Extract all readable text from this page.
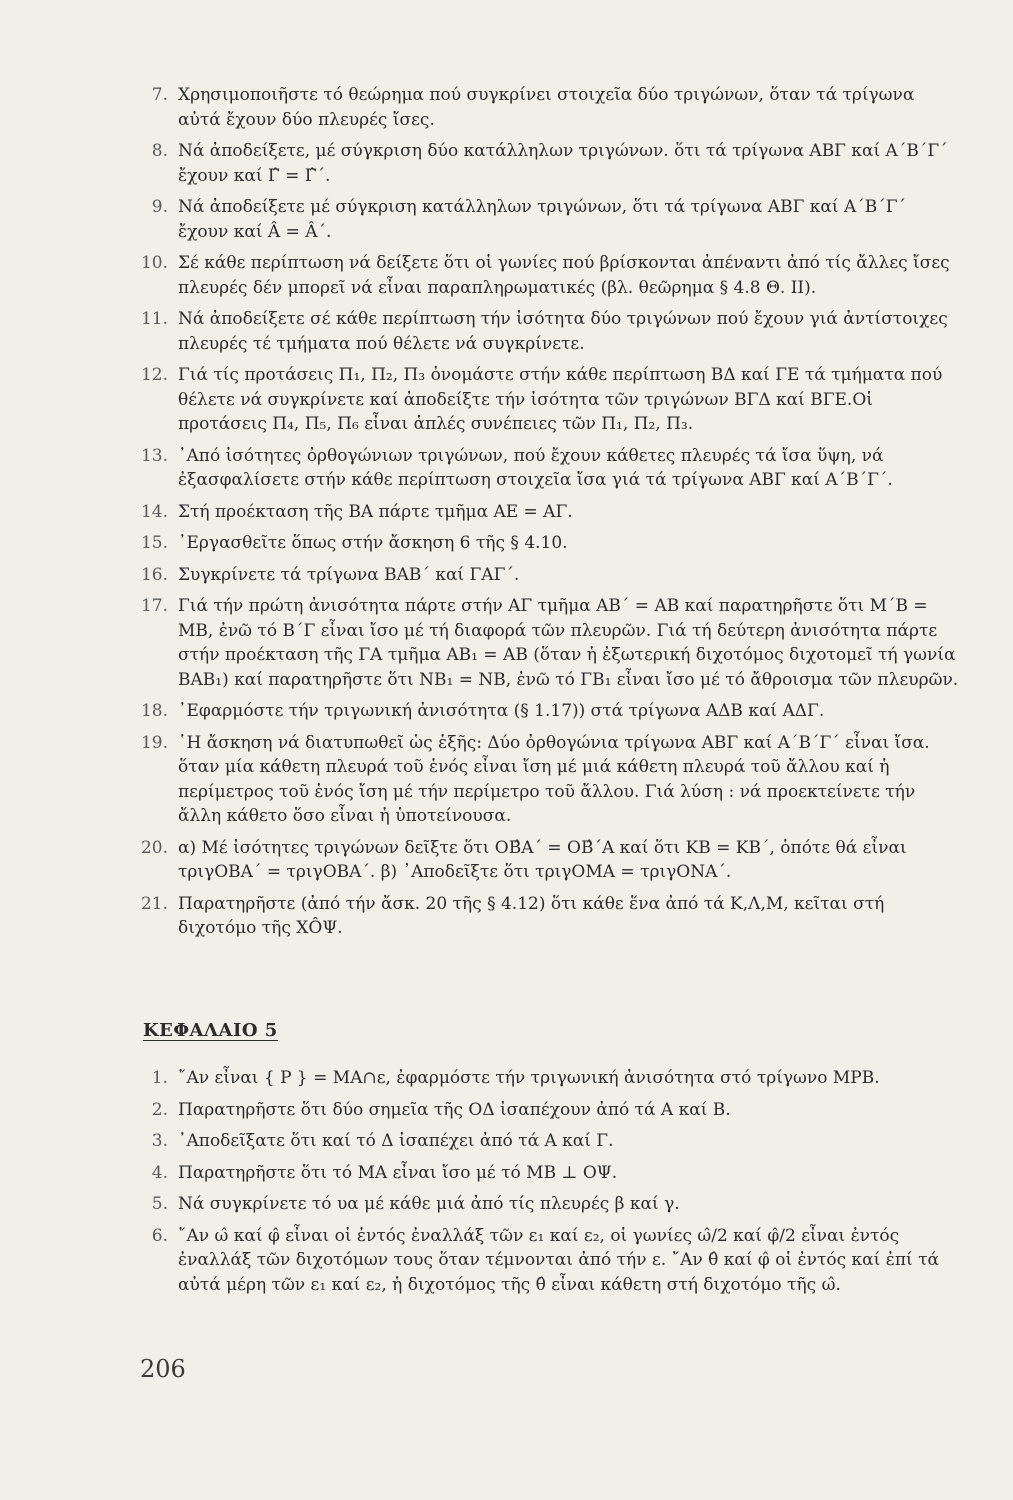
7. Χρησιμοποιῆστε τό θεώρημα πού συγκρίνει στοιχεῖα δύο τριγώνων, ὅταν τά τρίγωνα αὐτά ἔχουν δύο πλευρές ἴσες.
8. Νά ἀποδείξετε, μέ σύγκριση δύο κατάλληλων τριγώνων. ὅτι τά τρίγωνα ΑΒΓ καί Α΄Β΄Γ΄ ἔχουν καί Γ̂ = Γ̂΄.
9. Νά ἀποδείξετε μέ σύγκριση κατάλληλων τριγώνων, ὅτι τά τρίγωνα ΑΒΓ καί Α΄Β΄Γ΄ ἔχουν καί Â = Â΄.
10. Σέ κάθε περίπτωση νά δείξετε ὅτι οἱ γωνίες πού βρίσκονται ἀπέναντι ἀπό τίς ἄλλες ἴσες πλευρές δέν μπορεῖ νά εἶναι παραπληρωματικές (βλ. θεῶρημα § 4.8 Θ. ΙΙ).
11. Νά ἀποδείξετε σέ κάθε περίπτωση τήν ἰσότητα δύο τριγώνων πού ἔχουν γιά ἀντίστοιχες πλευρές τέ τμήματα πού θέλετε νά συγκρίνετε.
12. Γιά τίς προτάσεις Π₁, Π₂, Π₃ ὀνομάστε στήν κάθε περίπτωση ΒΔ καί ΓΕ τά τμήματα πού θέλετε νά συγκρίνετε καί ἀποδείξτε τήν ἰσότητα τῶν τριγώνων ΒΓΔ καί ΒΓΕ.Οἱ προτάσεις Π₄, Π₅, Π₆ εἶναι ἁπλές συνέπειες τῶν Π₁, Π₂, Π₃.
13. ᾿Από ἰσότητες ὀρθογώνιων τριγώνων, πού ἔχουν κάθετες πλευρές τά ἴσα ὕψη, νά ἐξασφαλίσετε στήν κάθε περίπτωση στοιχεῖα ἴσα γιά τά τρίγωνα ΑΒΓ καί Α΄Β΄Γ΄.
14. Στή προέκταση τῆς ΒΑ πάρτε τμῆμα ΑΕ = ΑΓ.
15. ᾿Εργασθεῖτε ὅπως στήν ἄσκηση 6 τῆς § 4.10.
16. Συγκρίνετε τά τρίγωνα ΒΑΒ΄ καί ΓΑΓ΄.
17. Γιά τήν πρώτη ἀνισότητα πάρτε στήν ΑΓ τμῆμα ΑΒ΄ = ΑΒ καί παρατηρῆστε ὅτι Μ΄Β = ΜΒ, ἐνῶ τό Β΄Γ εἶναι ἴσο μέ τή διαφορά τῶν πλευρῶν. Γιά τή δεύτερη ἀνισότητα πάρτε στήν προέκταση τῆς ΓΑ τμῆμα ΑΒ₁ = ΑΒ (ὅταν ἡ ἐξωτερική διχοτόμος διχοτομεῖ τή γωνία ΒΑΒ₁) καί παρατηρῆστε ὅτι ΝΒ₁ = ΝΒ, ἐνῶ τό ΓΒ₁ εἶναι ἴσο μέ τό ἄθροισμα τῶν πλευρῶν.
18. ᾿Εφαρμόστε τήν τριγωνική ἀνισότητα (§ 1.17)) στά τρίγωνα ΑΔΒ καί ΑΔΓ.
19. ῾Η ἄσκηση νά διατυπωθεῖ ὡς ἑξῆς: Δύο ὀρθογώνια τρίγωνα ΑΒΓ καί Α΄Β΄Γ΄ εἶναι ἴσα. ὅταν μία κάθετη πλευρά τοῦ ἑνός εἶναι ἴση μέ μιά κάθετη πλευρά τοῦ ἄλλου καί ἡ περίμετρος τοῦ ἑνός ἴση μέ τήν περίμετρο τοῦ ἄλλου. Γιά λύση : νά προεκτείνετε τήν ἄλλη κάθετο ὅσο εἶναι ἡ ὑποτείνουσα.
20. α) Μέ ἰσότητες τριγώνων δεῖξτε ὅτι ΟΒ̂Α΄ = ΟΒ̂΄Α καί ὅτι ΚΒ = ΚΒ΄, ὁπότε θά εἶναι τριγΟΒΑ΄ = τριγΟΒΑ΄. β) ᾿Αποδεῖξτε ὅτι τριγΟΜΑ = τριγΟΝΑ΄.
21. Παρατηρῆστε (ἀπό τήν ἄσκ. 20 τῆς § 4.12) ὅτι κάθε ἕνα ἀπό τά Κ,Λ,Μ, κεῖται στή διχοτόμο τῆς ΧÔΨ.
ΚΕΦΑΛΑΙΟ 5
1. ῎Αν εἶναι { Ρ } = ΜΑ∩ε, ἐφαρμόστε τήν τριγωνική ἀνισότητα στό τρίγωνο ΜΡΒ.
2. Παρατηρῆστε ὅτι δύο σημεῖα τῆς ΟΔ ἰσαπέχουν ἀπό τά Α καί Β.
3. ᾿Αποδεῖξατε ὅτι καί τό Δ ἰσαπέχει ἀπό τά Α καί Γ.
4. Παρατηρῆστε ὅτι τό ΜΑ εἶναι ἴσο μέ τό ΜΒ ⊥ ΟΨ.
5. Νά συγκρίνετε τό υα μέ κάθε μιά ἀπό τίς πλευρές β καί γ.
6. ῎Αν ω̂ καί φ̂ εἶναι οἱ ἐντός ἐναλλάξ τῶν ε₁ καί ε₂, οἱ γωνίες ω̂/2 καί φ̂/2 εἶναι ἐντός ἐναλλάξ τῶν διχοτόμων τους ὅταν τέμνονται ἀπό τήν ε. ῎Αν θ̂ καί φ̂ οἱ ἐντός καί ἐπί τά αὐτά μέρη τῶν ε₁ καί ε₂, ἡ διχοτόμος τῆς θ̂ εἶναι κάθετη στή διχοτόμο τῆς ω̂.
206
